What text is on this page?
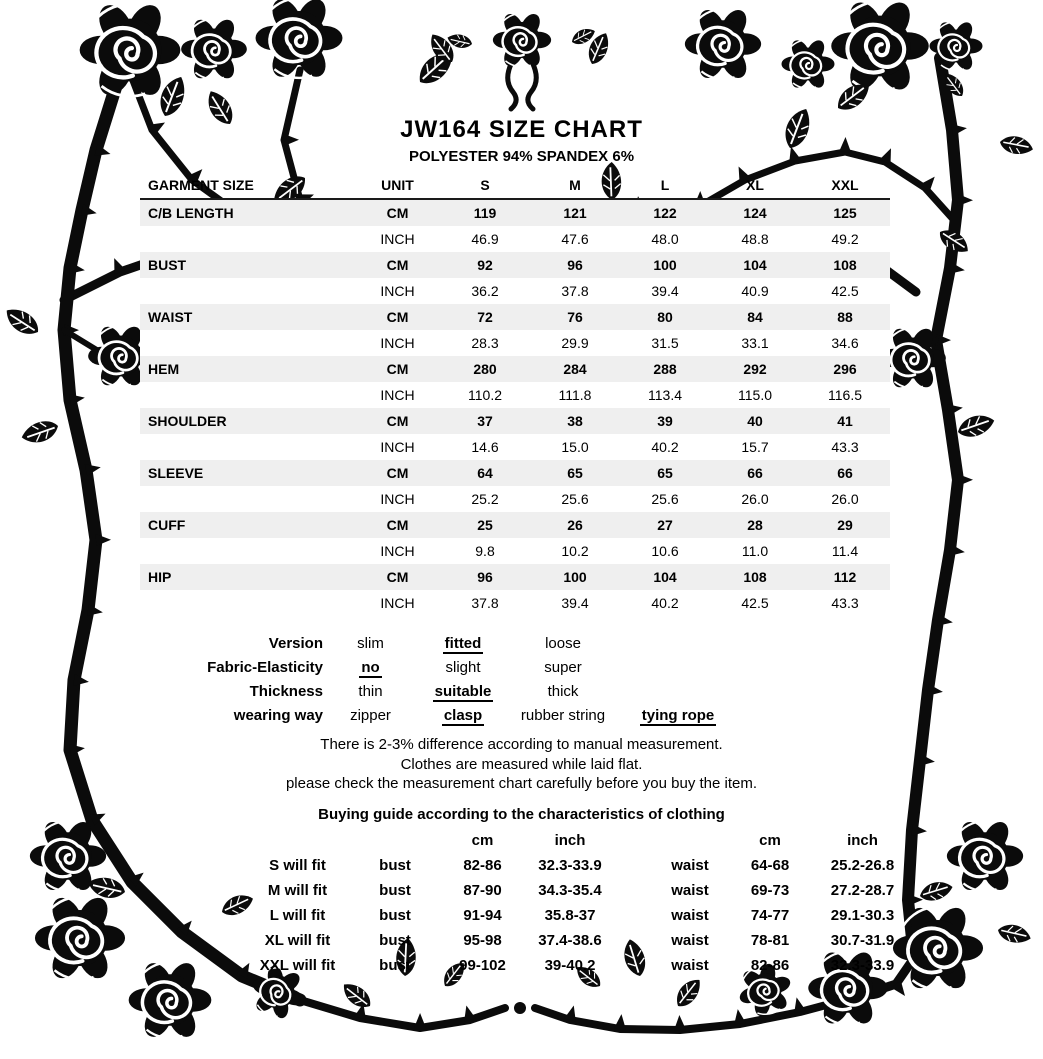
JW164 SIZE CHART
POLYESTER 94% SPANDEX 6%
GARMENT SIZE	UNIT	S	M	L	XL	XXL
C/B LENGTH	CM	119	121	122	124	125
	INCH	46.9	47.6	48.0	48.8	49.2
BUST	CM	92	96	100	104	108
	INCH	36.2	37.8	39.4	40.9	42.5
WAIST	CM	72	76	80	84	88
	INCH	28.3	29.9	31.5	33.1	34.6
HEM	CM	280	284	288	292	296
	INCH	110.2	111.8	113.4	115.0	116.5
SHOULDER	CM	37	38	39	40	41
	INCH	14.6	15.0	40.2	15.7	43.3
SLEEVE	CM	64	65	65	66	66
	INCH	25.2	25.6	25.6	26.0	26.0
CUFF	CM	25	26	27	28	29
	INCH	9.8	10.2	10.6	11.0	11.4
HIP	CM	96	100	104	108	112
	INCH	37.8	39.4	40.2	42.5	43.3
Version	slim	fitted	loose	
Fabric-Elasticity	no	slight	super	
Thickness	thin	suitable	thick	
wearing way	zipper	clasp	rubber string	tying rope
There is 2-3% difference according to manual measurement.
Clothes are measured while laid flat.
please check the measurement chart carefully before you buy the item.
Buying guide according to the characteristics of clothing
		cm	inch			cm	inch
S will fit	bust	82-86	32.3-33.9		waist	64-68	25.2-26.8
M will fit	bust	87-90	34.3-35.4		waist	69-73	27.2-28.7
L will fit	bust	91-94	35.8-37		waist	74-77	29.1-30.3
XL will fit	bust	95-98	37.4-38.6		waist	78-81	30.7-31.9
XXL will fit	bust	99-102	39-40.2		waist	82-86	32.3-33.9
